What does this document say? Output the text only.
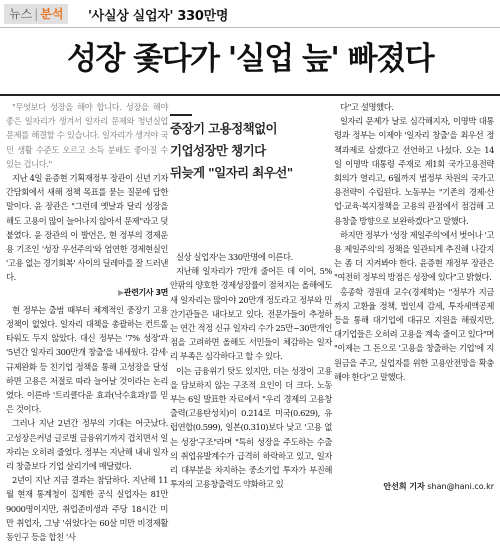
뉴스 | 분석	'사실상 실업자' 330만명
성장 좇다가 '실업 늪' 빠졌다

"무엇보다 성장을 해야 합니다. 성장을 해야 좋은 일자리가 생겨서 일자리 문제와 청년실업 문제를 해결할 수 있습니다. 일자리가 생겨야 국민 생활 수준도 오르고 소득 분배도 좋아질 수 있는 겁니다."

지난 4일 윤증현 기획재정부 장관이 신년 기자간담회에서 새해 정책 목표를 묻는 질문에 답한 말이다. 윤 장관은 "그런데 옛날과 달리 성장을 해도 고용이 많이 늘어나지 않아서 문제"라고 덧붙였다. 윤 장관의 이 발언은, 현 정부의 경제운용 기조인 '성장 우선주의'와 엄연한 경제현실인 '고용 없는 경기회복' 사이의 딜레마를 잘 드러낸다.

▶관련기사 3면

현 정부는 출범 때부터 체계적인 중장기 고용정책이 없었다. 일자리 대책을 총괄하는 컨트롤타워도 두지 않았다. 대신 정부는 '7% 성장'과 '5년간 일자리 300만개 창출'을 내세웠다. 감세·규제완화 등 친기업 정책을 통해 고성장을 달성하면 고용은 저절로 따라 늘어날 것이라는 논리였다. 이른바 '트리클다운 효과(낙수효과)'를 믿은 것이다.

그러나 지난 2년간 정부의 기대는 어긋났다. 고성장은커녕 글로벌 금융위기까지 겹치면서 일자리는 오히려 줄었다. 정부는 지난해 내내 일자리 창출보다 기업 살리기에 매달렸다.

2년이 지난 지금 결과는 참담하다. 지난해 11월 현재 통계청이 집계한 공식 실업자는 81만9000명이지만, 취업준비생과 주당 18시간 미만 취업자, 그냥 '쉬었다'는 60살 미만 비경제활동인구 등을 합친 '사

실상 실업자'는 330만명에 이른다.

지난해 일자리가 7만개 줄어든 데 이어, 5% 안팎의 양호한 경제성장률이 점쳐지는 올해에도 새 일자리는 많아야 20만개 정도라고 정부와 민간기관들은 내다보고 있다. 전문가들이 추정하는 연간 적정 신규 일자리 수가 25만~30만개인 점을 고려하면 올해도 서민들이 체감하는 일자리 부족은 심각하다고 할 수 있다.

이는 금융위기 탓도 있지만, 더는 성장이 고용을 담보하지 않는 구조적 요인이 더 크다. 노동부는 6일 발표한 자료에서 "우리 경제의 고용창출력(고용탄성치)이 0.214로 미국(0.629), 유럽연합(0.599), 일본(0.310)보다 낮고 '고용 없는 성장'구조"라며 "특히 성장을 주도하는 수출의 취업유발계수가 급격히 하락하고 있고, 일자리 대부분을 차지하는 중소기업 투자가 부진해 투자의 고용창출력도 약화하고 있

중장기 고용정책없이
기업성장만 챙기다
뒤늦게 "일자리 최우선"

다"고 설명했다.

일자리 문제가 날로 심각해지자, 이명박 대통령과 정부는 이제야 '일자리 창출'을 최우선 정책과제로 삼겠다고 선언하고 나섰다. 오는 14일 이명박 대통령 주재로 제1회 국가고용전략회의가 열리고, 6월까지 범정부 차원의 국가고용전략이 수립된다. 노동부는 "기존의 경제·산업·교육·복지정책을 고용의 관점에서 점검해 고용창출 방향으로 보완하겠다"고 말했다.

하지만 정부가 '성장 제일주의'에서 벗어나 '고용 제일주의'의 정책을 일관되게 추진해 나갈지는 좀 더 지켜봐야 한다. 윤증현 재정부 장관은 "여전히 정부의 방점은 성장에 있다"고 밝혔다.

홍종학 경원대 교수(경제학)는 "정부가 지금까지 고환율 정책, 법인세 감세, 투자세액공제 등을 통해 대기업에 대규모 지원을 해줬지만, 대기업들은 오히려 고용을 계속 줄이고 있다"며 "이제는 그 돈으로 '고용을 창출하는 기업'에 지원금을 주고, 실업자를 위한 고용안전망을 확충해야 한다"고 말했다.

안선희 기자 shan@hani.co.kr
